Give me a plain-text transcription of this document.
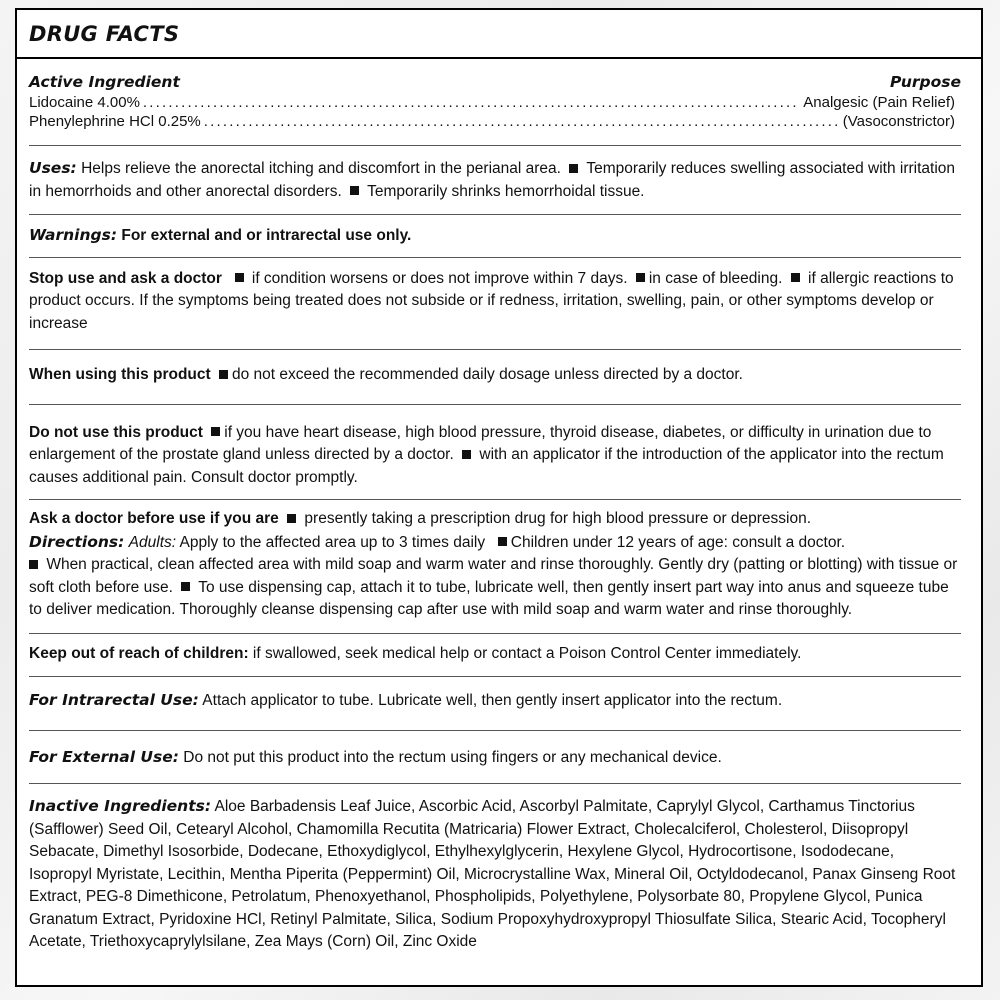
DRUG FACTS
Active Ingredient	Purpose
Lidocaine 4.00% .....	Analgesic (Pain Relief)
Phenylephrine HCl 0.25% .....	(Vasoconstrictor)
Uses: Helps relieve the anorectal itching and discomfort in the perianal area. Temporarily reduces swelling associated with irritation in hemorrhoids and other anorectal disorders. Temporarily shrinks hemorrhoidal tissue.
Warnings: For external and or intrarectal use only.
Stop use and ask a doctor if condition worsens or does not improve within 7 days. in case of bleeding. if allergic reactions to product occurs. If the symptoms being treated does not subside or if redness, irritation, swelling, pain, or other symptoms develop or increase
When using this product do not exceed the recommended daily dosage unless directed by a doctor.
Do not use this product if you have heart disease, high blood pressure, thyroid disease, diabetes, or difficulty in urination due to enlargement of the prostate gland unless directed by a doctor. with an applicator if the introduction of the applicator into the rectum causes additional pain. Consult doctor promptly.
Ask a doctor before use if you are presently taking a prescription drug for high blood pressure or depression.
Directions: Adults: Apply to the affected area up to 3 times daily Children under 12 years of age: consult a doctor.
When practical, clean affected area with mild soap and warm water and rinse thoroughly. Gently dry (patting or blotting) with tissue or soft cloth before use. To use dispensing cap, attach it to tube, lubricate well, then gently insert part way into anus and squeeze tube to deliver medication. Thoroughly cleanse dispensing cap after use with mild soap and warm water and rinse thoroughly.
Keep out of reach of children: if swallowed, seek medical help or contact a Poison Control Center immediately.
For Intrarectal Use: Attach applicator to tube. Lubricate well, then gently insert applicator into the rectum.
For External Use: Do not put this product into the rectum using fingers or any mechanical device.
Inactive Ingredients: Aloe Barbadensis Leaf Juice, Ascorbic Acid, Ascorbyl Palmitate, Caprylyl Glycol, Carthamus Tinctorius (Safflower) Seed Oil, Cetearyl Alcohol, Chamomilla Recutita (Matricaria) Flower Extract, Cholecalciferol, Cholesterol, Diisopropyl Sebacate, Dimethyl Isosorbide, Dodecane, Ethoxydiglycol, Ethylhexylglycerin, Hexylene Glycol, Hydrocortisone, Isododecane, Isopropyl Myristate, Lecithin, Mentha Piperita (Peppermint) Oil, Microcrystalline Wax, Mineral Oil, Octyldodecanol, Panax Ginseng Root Extract, PEG-8 Dimethicone, Petrolatum, Phenoxyethanol, Phospholipids, Polyethylene, Polysorbate 80, Propylene Glycol, Punica Granatum Extract, Pyridoxine HCl, Retinyl Palmitate, Silica, Sodium Propoxyhydroxypropyl Thiosulfate Silica, Stearic Acid, Tocopheryl Acetate, Triethoxycaprylylsilane, Zea Mays (Corn) Oil, Zinc Oxide
